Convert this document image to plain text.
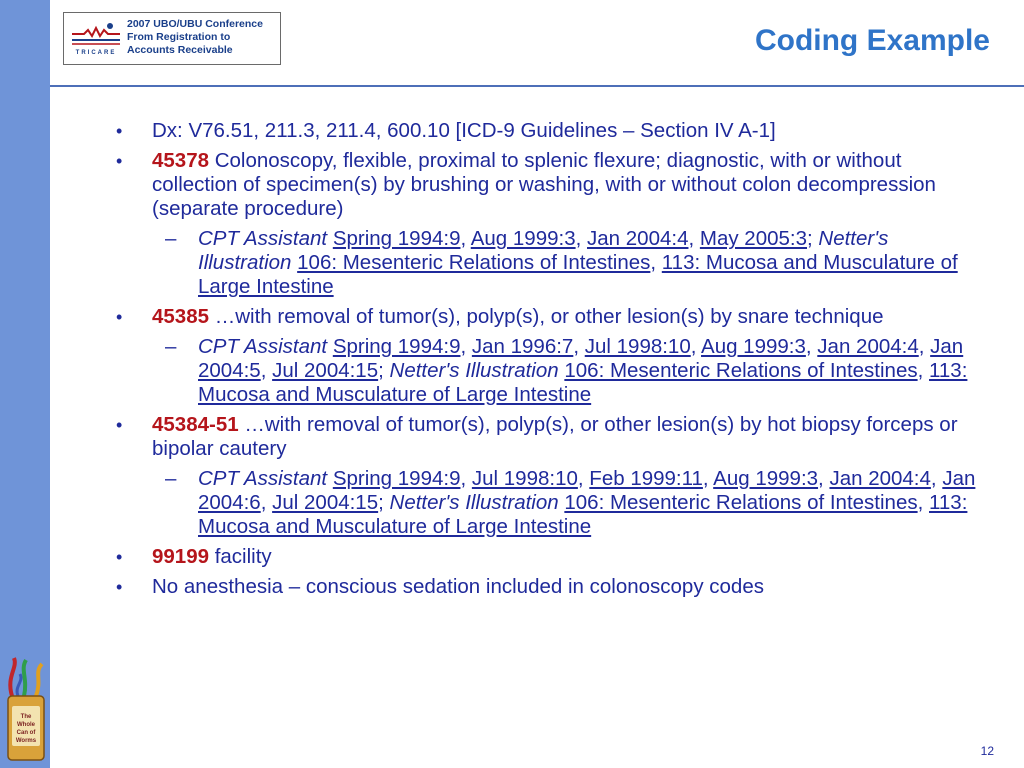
TRICARE
2007 UBO/UBU Conference
From Registration to
Accounts Receivable	Coding Example
• Dx: V76.51, 211.3, 211.4, 600.10 [ICD-9 Guidelines – Section IV A-1]
• 45378 Colonoscopy, flexible, proximal to splenic flexure; diagnostic, with or without collection of specimen(s) by brushing or washing, with or without colon decompression (separate procedure)
– CPT Assistant Spring 1994:9, Aug 1999:3, Jan 2004:4, May 2005:3; Netter's Illustration 106: Mesenteric Relations of Intestines, 113: Mucosa and Musculature of Large Intestine
• 45385 …with removal of tumor(s), polyp(s), or other lesion(s) by snare technique
– CPT Assistant Spring 1994:9, Jan 1996:7, Jul 1998:10, Aug 1999:3, Jan 2004:4, Jan 2004:5, Jul 2004:15; Netter's Illustration 106: Mesenteric Relations of Intestines, 113: Mucosa and Musculature of Large Intestine
• 45384-51 …with removal of tumor(s), polyp(s), or other lesion(s) by hot biopsy forceps or bipolar cautery
– CPT Assistant Spring 1994:9, Jul 1998:10, Feb 1999:11, Aug 1999:3, Jan 2004:4, Jan 2004:6, Jul 2004:15; Netter's Illustration 106: Mesenteric Relations of Intestines, 113: Mucosa and Musculature of Large Intestine
• 99199 facility
• No anesthesia – conscious sedation included in colonoscopy codes
The
Whole
Can of
Worms
12
